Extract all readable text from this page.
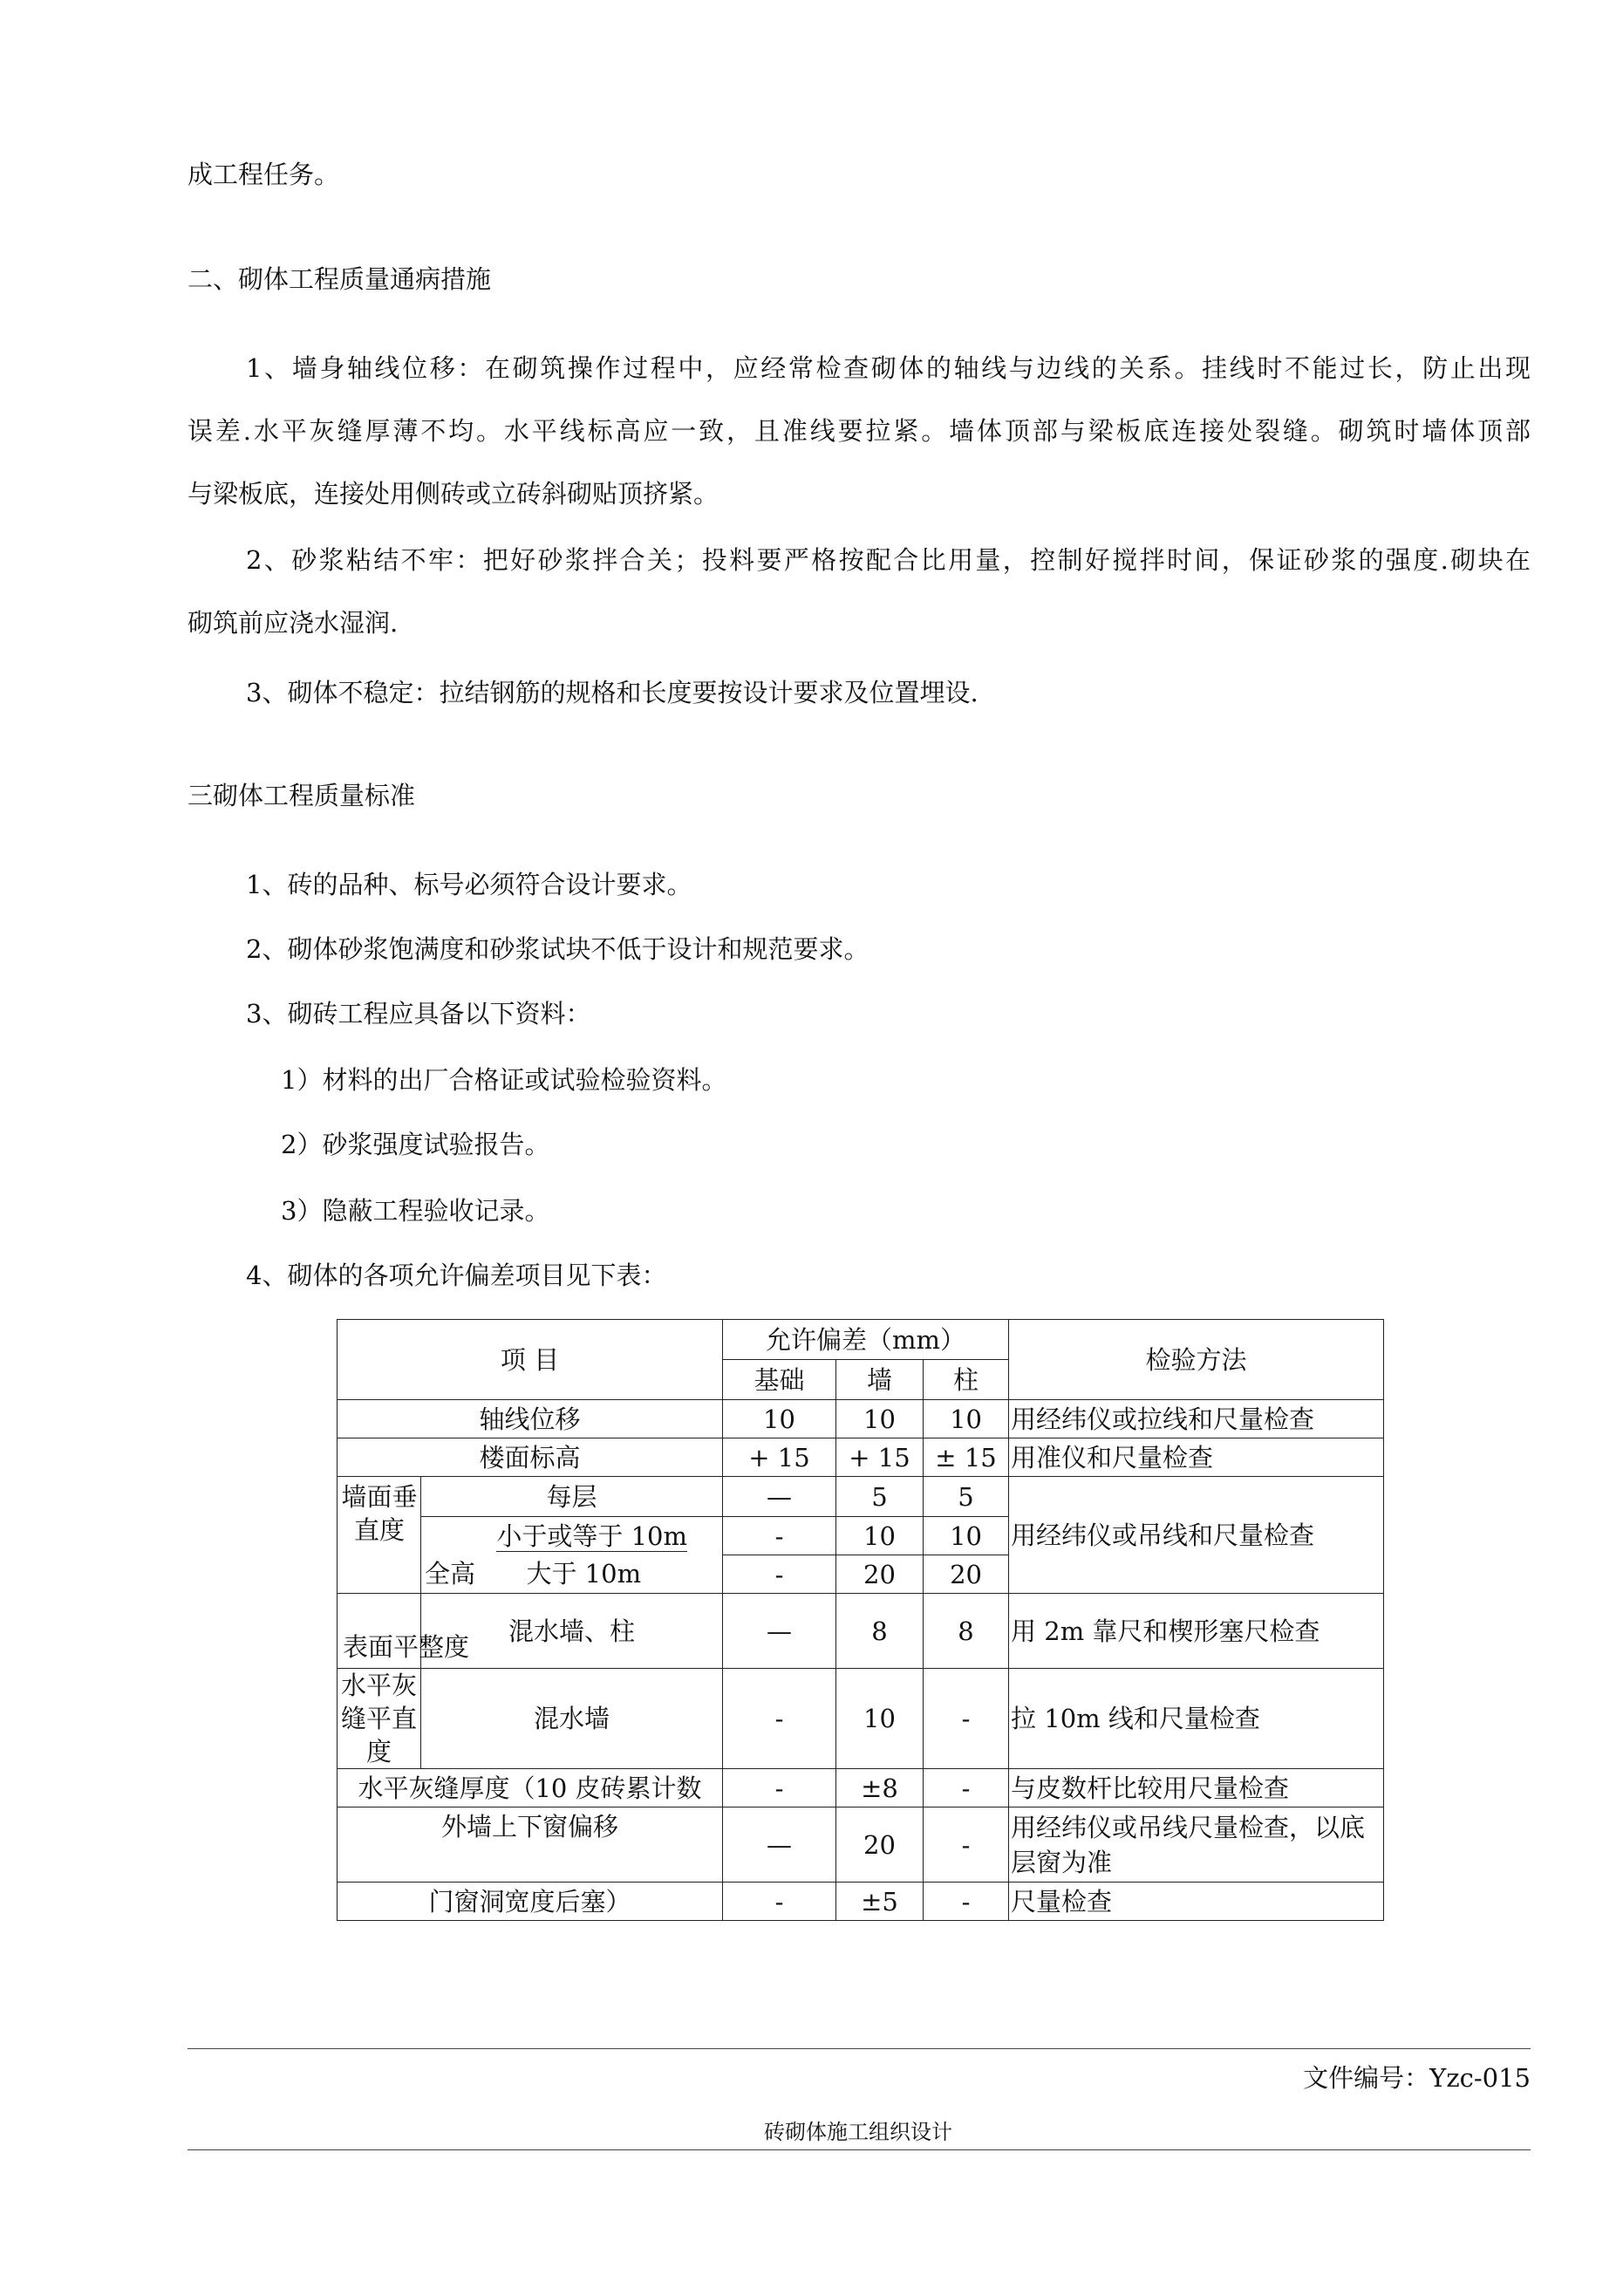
成工程任务。
二、砌体工程质量通病措施
1、墙身轴线位移：在砌筑操作过程中，应经常检查砌体的轴线与边线的关系。挂线时不能过长，防止出现
误差.水平灰缝厚薄不均。水平线标高应一致，且准线要拉紧。墙体顶部与梁板底连接处裂缝。砌筑时墙体顶部
与梁板底，连接处用侧砖或立砖斜砌贴顶挤紧。
2、砂浆粘结不牢：把好砂浆拌合关；投料要严格按配合比用量，控制好搅拌时间，保证砂浆的强度.砌块在
砌筑前应浇水湿润.
3、砌体不稳定：拉结钢筋的规格和长度要按设计要求及位置埋设.
三砌体工程质量标准
1、砖的品种、标号必须符合设计要求。
2、砌体砂浆饱满度和砂浆试块不低于设计和规范要求。
3、砌砖工程应具备以下资料：
1）材料的出厂合格证或试验检验资料。
2）砂浆强度试验报告。
3）隐蔽工程验收记录。
4、砌体的各项允许偏差项目见下表：
项 目		允许偏差（mm）			检验方法
		基础	墙	柱	
轴线位移		10	10	10	用经纬仪或拉线和尺量检查
楼面标高		+ 15	+ 15	± 15	用准仪和尺量检查

墙面垂直度	每层	—	5	5	用经纬仪或吊线和尺量检查
	小于或等于 10m	-	10	10	
	全高 大于 10m	-	20	20	
表面平整度	混水墙、柱	—	8	8	用 2m 靠尺和楔形塞尺检查
水平灰缝平直度	混水墙	-	10	-	拉 10m 线和尺量检查
水平灰缝厚度（10 皮砖累计数		-	±8	-	与皮数杆比较用尺量检查
外墙上下窗偏移		—	20	-	用经纬仪或吊线尺量检查，以底层窗为准
门窗洞宽度后塞）		-	±5	-	尺量检查
文件编号：Yzc-015
砖砌体施工组织设计
